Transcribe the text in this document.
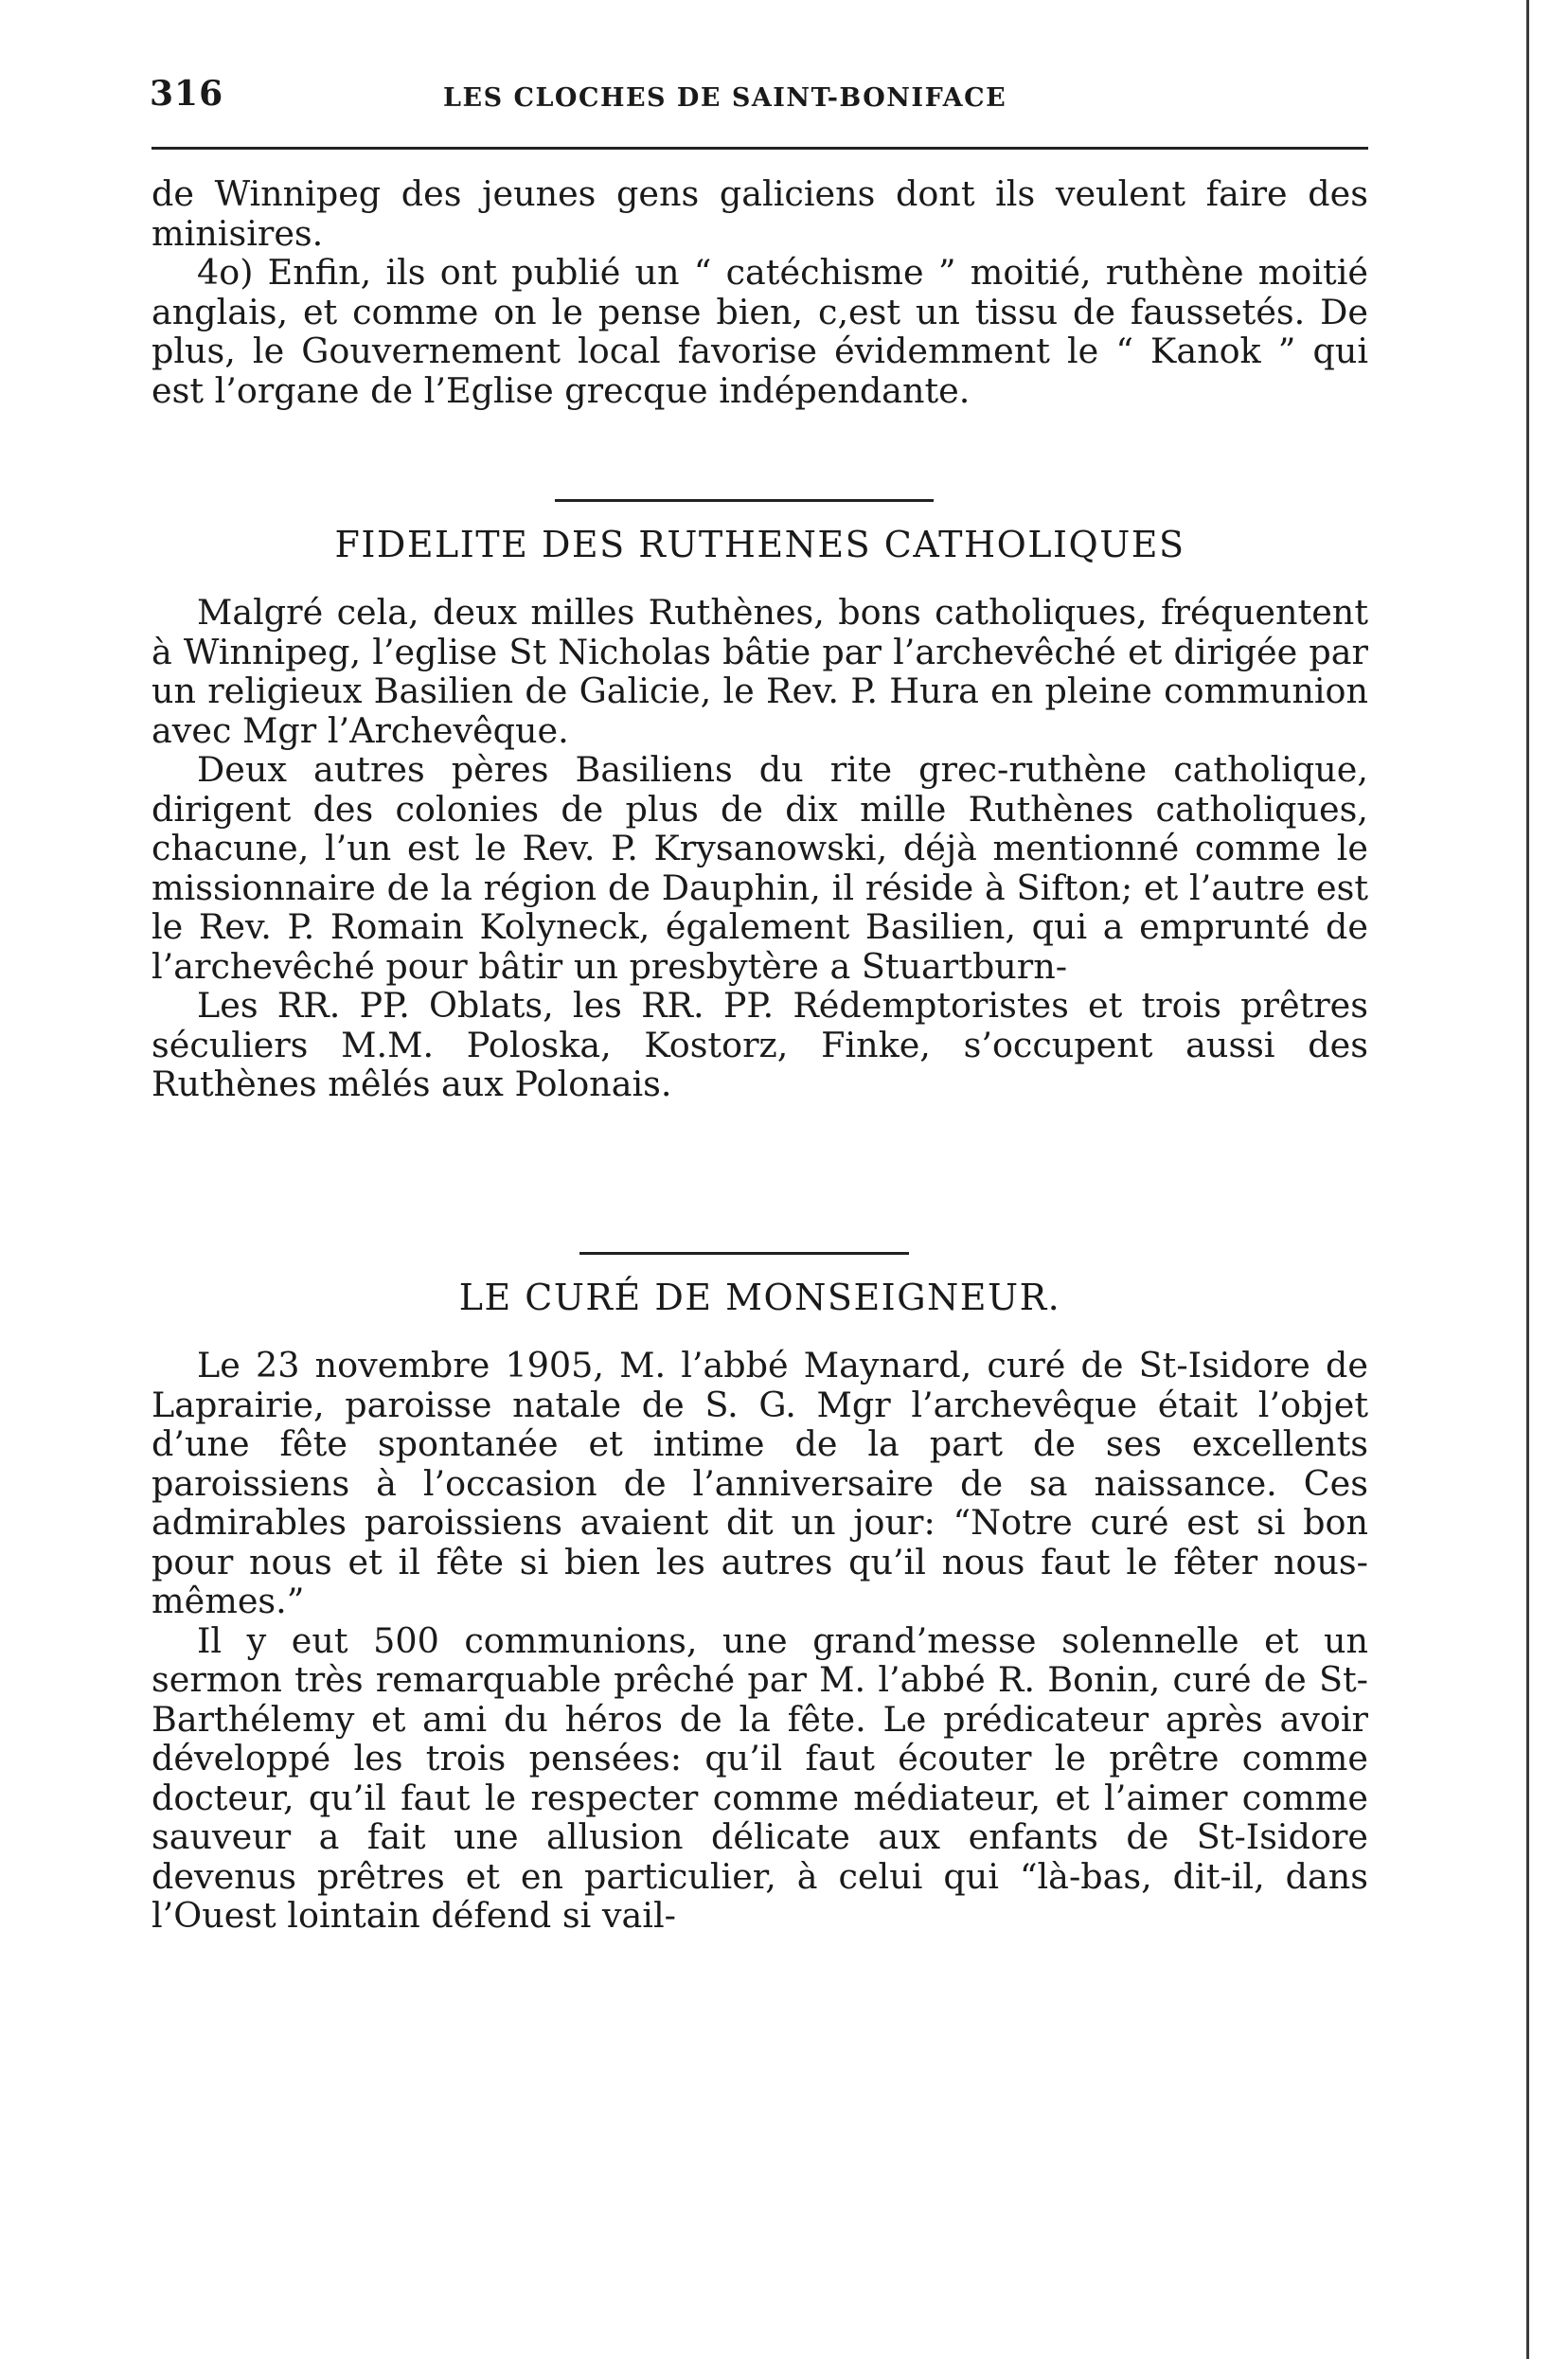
316	LES CLOCHES DE SAINT-BONIFACE

de Winnipeg des jeunes gens galiciens dont ils veulent faire des minisires.

4o) Enfin, ils ont publié un “ catéchisme ” moitié, ruthène moitié anglais, et comme on le pense bien, c,est un tissu de faussetés. De plus, le Gouvernement local favorise évidemment le “ Kanok ” qui est l’organe de l’Eglise grecque indépendante.

FIDELITE DES RUTHENES CATHOLIQUES

Malgré cela, deux milles Ruthènes, bons catholiques, fréquentent à Winnipeg, l’eglise St Nicholas bâtie par l’archevêché et dirigée par un religieux Basilien de Galicie, le Rev. P. Hura en pleine communion avec Mgr l’Archevêque.

Deux autres pères Basiliens du rite grec-ruthène catholique, dirigent des colonies de plus de dix mille Ruthènes catholiques, chacune, l’un est le Rev. P. Krysanowski, déjà mentionné comme le missionnaire de la région de Dauphin, il réside à Sifton; et l’autre est le Rev. P. Romain Kolyneck, également Basilien, qui a emprunté de l’archevêché pour bâtir un presbytère a Stuartburn-

Les RR. PP. Oblats, les RR. PP. Rédemptoristes et trois prêtres séculiers M.M. Poloska, Kostorz, Finke, s’occupent aussi des Ruthènes mêlés aux Polonais.

LE CURÉ DE MONSEIGNEUR.

Le 23 novembre 1905, M. l’abbé Maynard, curé de St-Isidore de Laprairie, paroisse natale de S. G. Mgr l’archevêque était l’objet d’une fête spontanée et intime de la part de ses excellents paroissiens à l’occasion de l’anniversaire de sa naissance. Ces admirables paroissiens avaient dit un jour: “Notre curé est si bon pour nous et il fête si bien les autres qu’il nous faut le fêter nous-mêmes.”

Il y eut 500 communions, une grand’messe solennelle et un sermon très remarquable prêché par M. l’abbé R. Bonin, curé de St-Barthélemy et ami du héros de la fête. Le prédicateur après avoir développé les trois pensées: qu’il faut écouter le prêtre comme docteur, qu’il faut le respecter comme médiateur, et l’aimer comme sauveur a fait une allusion délicate aux enfants de St-Isidore devenus prêtres et en particulier, à celui qui “là-bas, dit-il, dans l’Ouest lointain défend si vail-
